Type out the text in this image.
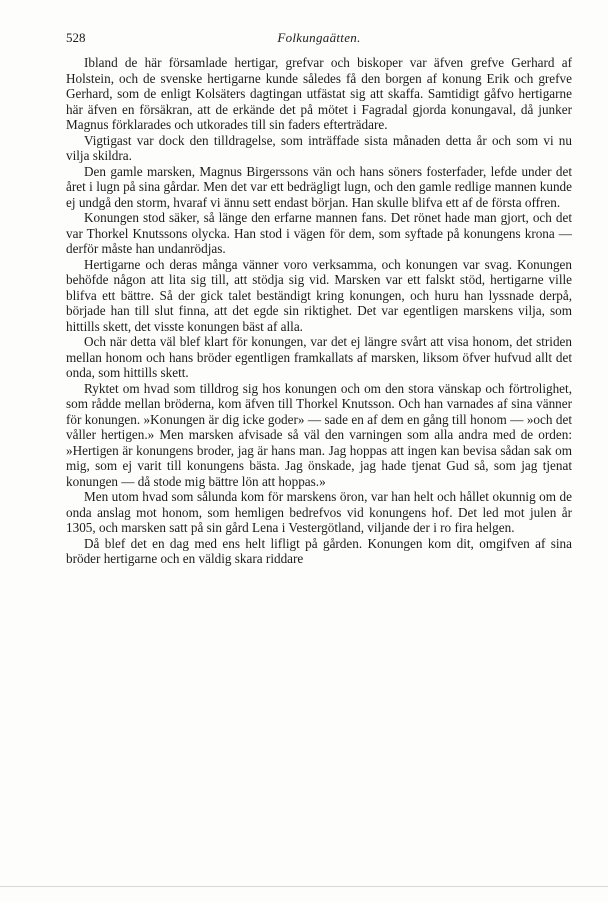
528	Folkungaätten.

Ibland de här församlade hertigar, grefvar och biskoper var äfven grefve Gerhard af Holstein, och de svenske hertigarne kunde således få den borgen af konung Erik och grefve Gerhard, som de enligt Kolsäters dagtingan utfästat sig att skaffa. Samtidigt gåfvo hertigarne här äfven en försäkran, att de erkände det på mötet i Fagradal gjorda konungaval, då junker Magnus förklarades och utkorades till sin faders efterträdare.

Vigtigast var dock den tilldragelse, som inträffade sista månaden detta år och som vi nu vilja skildra.

Den gamle marsken, Magnus Birgerssons vän och hans söners fosterfader, lefde under det året i lugn på sina gårdar. Men det var ett bedrägligt lugn, och den gamle redlige mannen kunde ej undgå den storm, hvaraf vi ännu sett endast början. Han skulle blifva ett af de första offren.

Konungen stod säker, så länge den erfarne mannen fans. Det rönet hade man gjort, och det var Thorkel Knutssons olycka. Han stod i vägen för dem, som syftade på konungens krona — derför måste han undanrödjas.

Hertigarne och deras många vänner voro verksamma, och konungen var svag. Konungen behöfde någon att lita sig till, att stödja sig vid. Marsken var ett falskt stöd, hertigarne ville blifva ett bättre. Så der gick talet beständigt kring konungen, och huru han lyssnade derpå, började han till slut finna, att det egde sin riktighet. Det var egentligen marskens vilja, som hittills skett, det visste konungen bäst af alla.

Och när detta väl blef klart för konungen, var det ej längre svårt att visa honom, det striden mellan honom och hans bröder egentligen framkallats af marsken, liksom öfver hufvud allt det onda, som hittills skett.

Ryktet om hvad som tilldrog sig hos konungen och om den stora vänskap och förtrolighet, som rådde mellan bröderna, kom äfven till Thorkel Knutsson. Och han varnades af sina vänner för konungen. »Konungen är dig icke goder» — sade en af dem en gång till honom — »och det våller hertigen.» Men marsken afvisade så väl den varningen som alla andra med de orden: »Hertigen är konungens broder, jag är hans man. Jag hoppas att ingen kan bevisa sådan sak om mig, som ej varit till konungens bästa. Jag önskade, jag hade tjenat Gud så, som jag tjenat konungen — då stode mig bättre lön att hoppas.»

Men utom hvad som sålunda kom för marskens öron, var han helt och hållet okunnig om de onda anslag mot honom, som hemligen bedrefvos vid konungens hof. Det led mot julen år 1305, och marsken satt på sin gård Lena i Vestergötland, viljande der i ro fira helgen.

Då blef det en dag med ens helt lifligt på gården. Konungen kom dit, omgifven af sina bröder hertigarne och en väldig skara riddare
